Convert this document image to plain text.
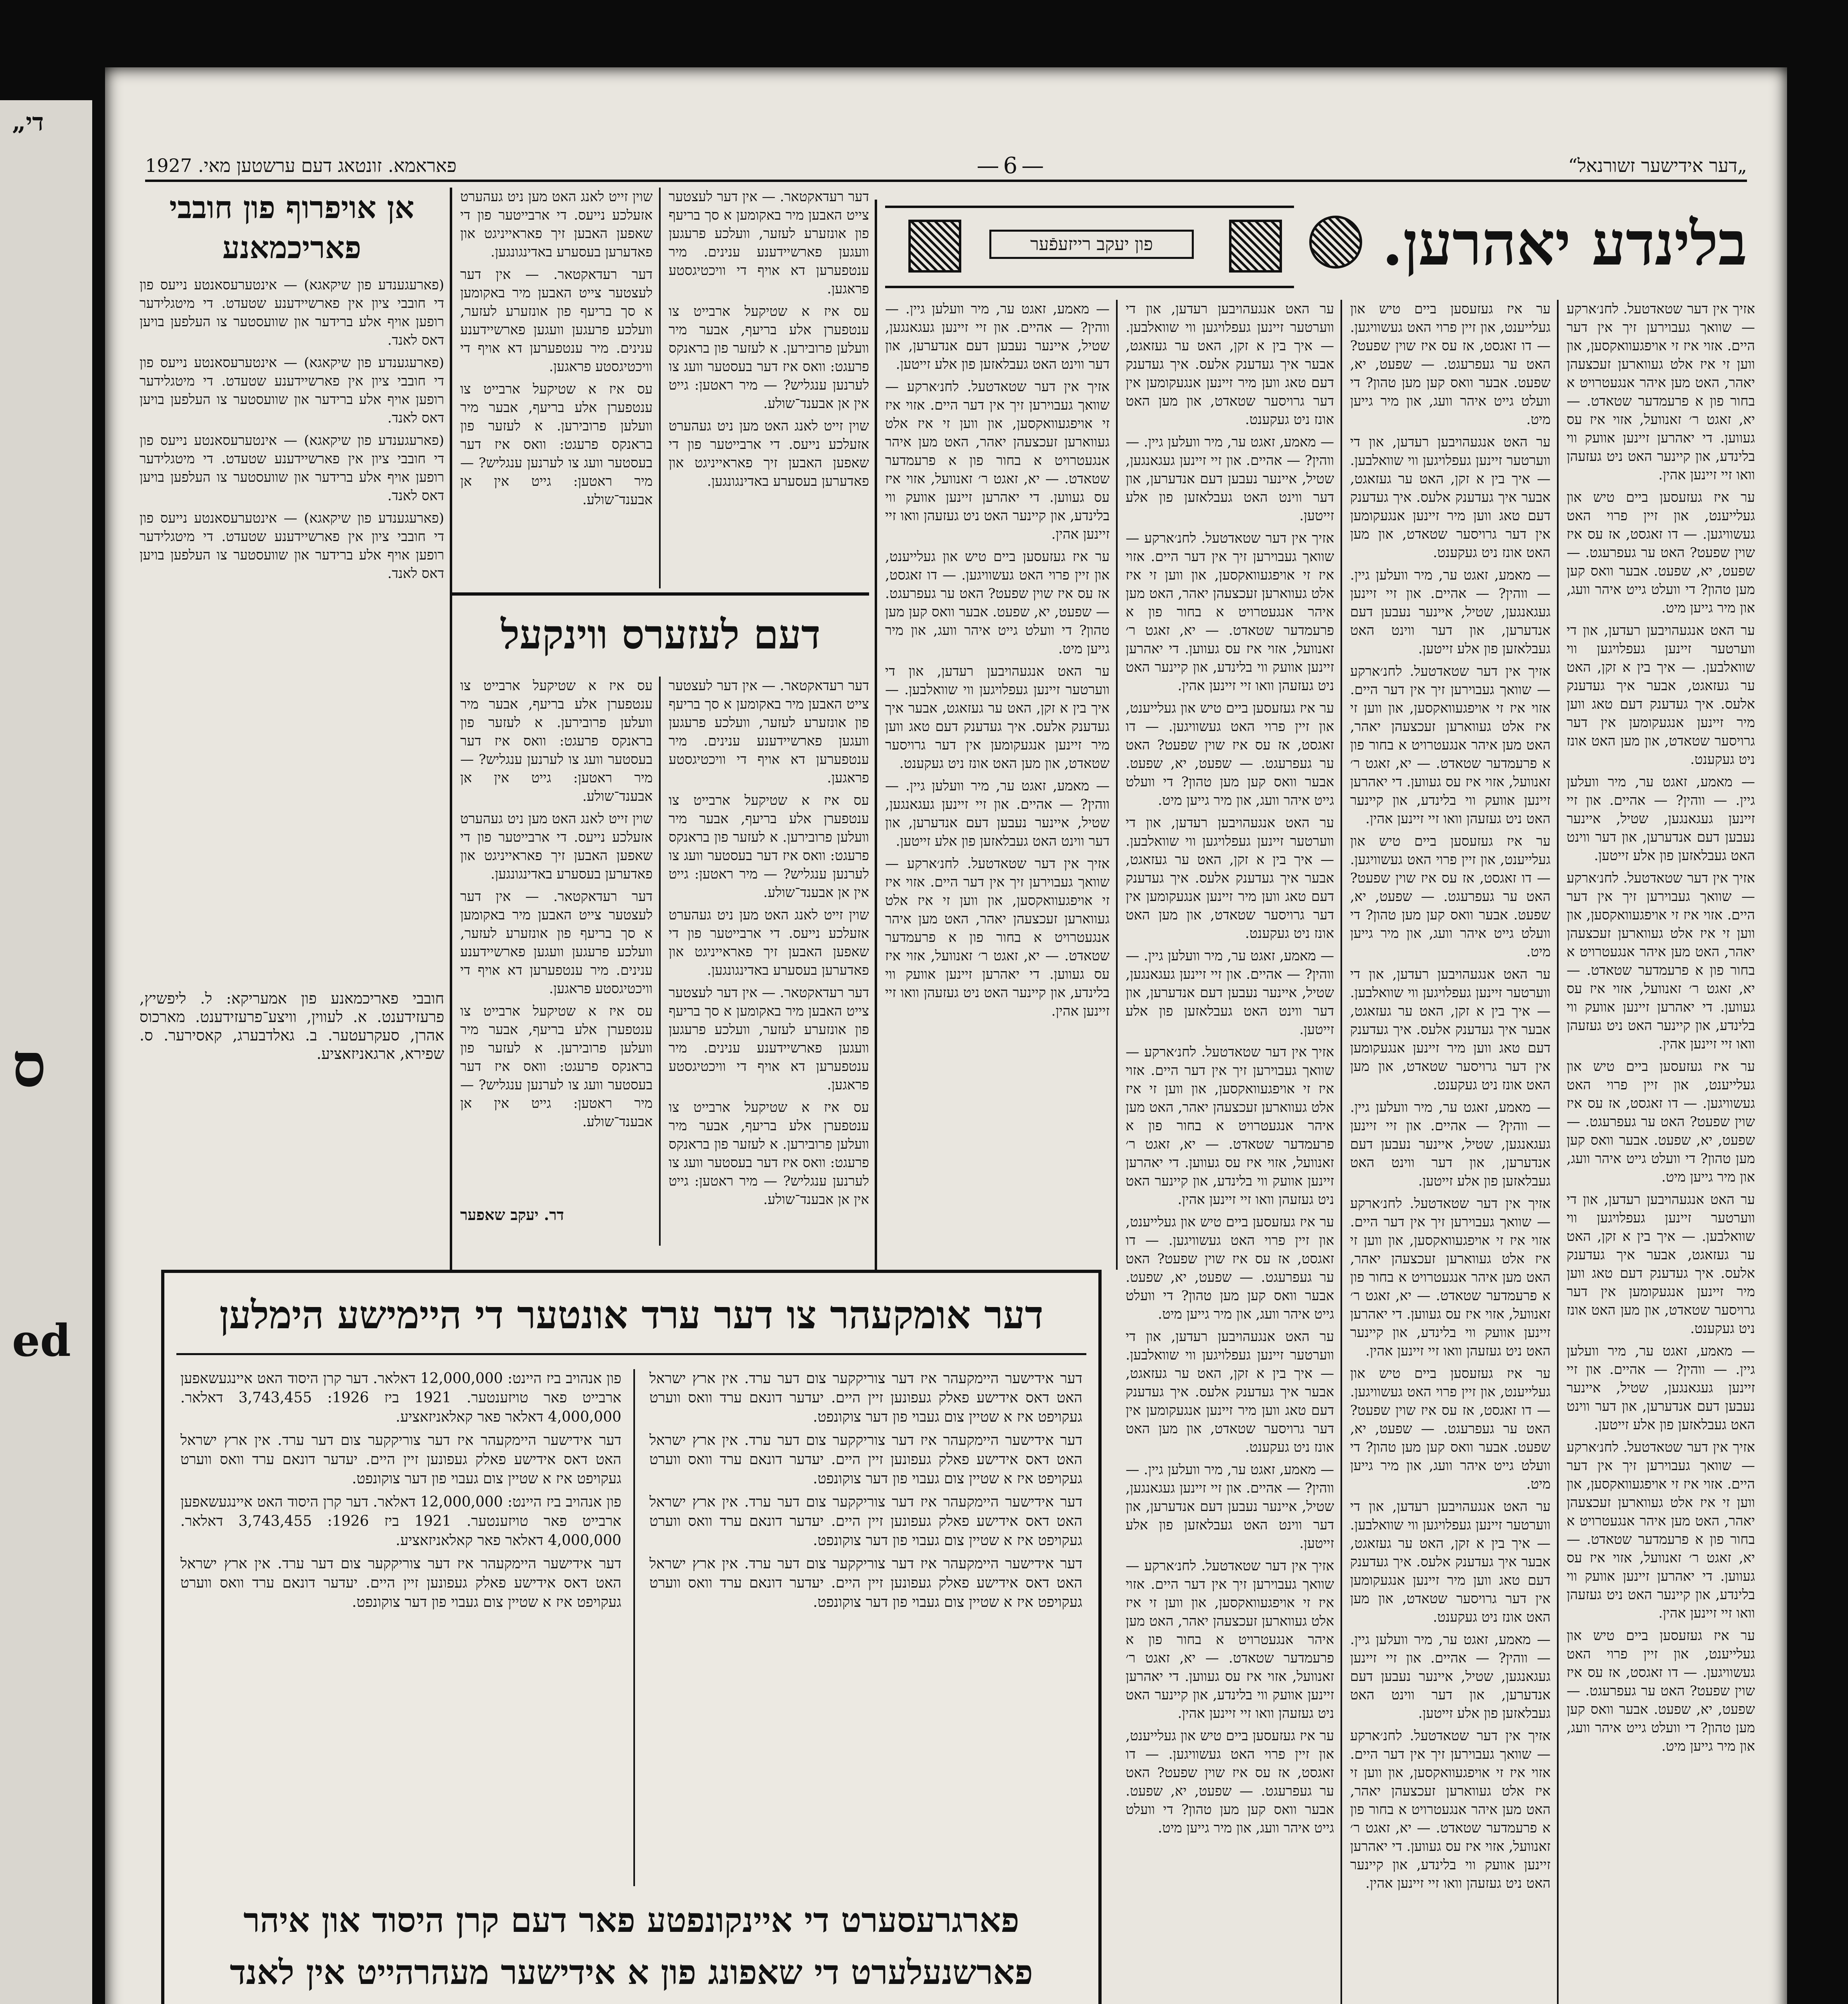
„די
ס
ed
„דער אידישער זשורנאל“
—6—
פאראמא. זונטאג דעם ערשטען מאי. 1927
בלינדע יאהרען.
פון יעקב רייזעפֿער

אזיך אין דער שטאדטעל. לחנ׳ארקע — שוואך געבוירען זיך אין דער היים. אזוי איז זי אויפגעוואקסען, און ווען זי איז אלט געווארען זעכצעהן יאהר, האט מען איהר אנגעטרויט א בחור פון א פרעמדער שטאדט. — יא, זאגט ר׳ זאנוועל, אזוי איז עס געווען. די יאהרען זיינען אוועק ווי בלינדע, און קיינער האט ניט געזעהן וואו זיי זיינען אהין.

ער איז געזעסען ביים טיש און געלייענט, און זיין פרוי האט געשוויגען. — דו זאגסט, אז עס איז שוין שפעט? האט ער געפרעגט. — שפעט, יא, שפעט. אבער וואס קען מען טהון? די וועלט גייט איהר וועג, און מיר גייען מיט.

ער האט אנגעהויבען רעדען, און די ווערטער זיינען געפלויגען ווי שוואלבען. — איך בין א זקן, האט ער געזאגט, אבער איך געדענק אלעס. איך געדענק דעם טאג ווען מיר זיינען אנגעקומען אין דער גרויסער שטאדט, און מען האט אונז ניט געקענט.

— מאמע, זאגט ער, מיר וועלען גיין. — ווהין? — אהיים. און זיי זיינען געגאנגען, שטיל, איינער נעבען דעם אנדערען, און דער ווינט האט געבלאזען פון אלע זייטען.

אזיך אין דער שטאדטעל. לחנ׳ארקע — שוואך געבוירען זיך אין דער היים. אזוי איז זי אויפגעוואקסען, און ווען זי איז אלט געווארען זעכצעהן יאהר, האט מען איהר אנגעטרויט א בחור פון א פרעמדער שטאדט. — יא, זאגט ר׳ זאנוועל, אזוי איז עס געווען. די יאהרען זיינען אוועק ווי בלינדע, און קיינער האט ניט געזעהן וואו זיי זיינען אהין.

ער איז געזעסען ביים טיש און געלייענט, און זיין פרוי האט געשוויגען. — דו זאגסט, אז עס איז שוין שפעט? האט ער געפרעגט. — שפעט, יא, שפעט. אבער וואס קען מען טהון? די וועלט גייט איהר וועג, און מיר גייען מיט.

ער האט אנגעהויבען רעדען, און די ווערטער זיינען געפלויגען ווי שוואלבען. — איך בין א זקן, האט ער געזאגט, אבער איך געדענק אלעס. איך געדענק דעם טאג ווען מיר זיינען אנגעקומען אין דער גרויסער שטאדט, און מען האט אונז ניט געקענט.

— מאמע, זאגט ער, מיר וועלען גיין. — ווהין? — אהיים. און זיי זיינען געגאנגען, שטיל, איינער נעבען דעם אנדערען, און דער ווינט האט געבלאזען פון אלע זייטען.

אזיך אין דער שטאדטעל. לחנ׳ארקע — שוואך געבוירען זיך אין דער היים. אזוי איז זי אויפגעוואקסען, און ווען זי איז אלט געווארען זעכצעהן יאהר, האט מען איהר אנגעטרויט א בחור פון א פרעמדער שטאדט. — יא, זאגט ר׳ זאנוועל, אזוי איז עס געווען. די יאהרען זיינען אוועק ווי בלינדע, און קיינער האט ניט געזעהן וואו זיי זיינען אהין.

ער איז געזעסען ביים טיש און געלייענט, און זיין פרוי האט געשוויגען. — דו זאגסט, אז עס איז שוין שפעט? האט ער געפרעגט. — שפעט, יא, שפעט. אבער וואס קען מען טהון? די וועלט גייט איהר וועג, און מיר גייען מיט.

ער איז געזעסען ביים טיש און געלייענט, און זיין פרוי האט געשוויגען. — דו זאגסט, אז עס איז שוין שפעט? האט ער געפרעגט. — שפעט, יא, שפעט. אבער וואס קען מען טהון? די וועלט גייט איהר וועג, און מיר גייען מיט.

ער האט אנגעהויבען רעדען, און די ווערטער זיינען געפלויגען ווי שוואלבען. — איך בין א זקן, האט ער געזאגט, אבער איך געדענק אלעס. איך געדענק דעם טאג ווען מיר זיינען אנגעקומען אין דער גרויסער שטאדט, און מען האט אונז ניט געקענט.

— מאמע, זאגט ער, מיר וועלען גיין. — ווהין? — אהיים. און זיי זיינען געגאנגען, שטיל, איינער נעבען דעם אנדערען, און דער ווינט האט געבלאזען פון אלע זייטען.

אזיך אין דער שטאדטעל. לחנ׳ארקע — שוואך געבוירען זיך אין דער היים. אזוי איז זי אויפגעוואקסען, און ווען זי איז אלט געווארען זעכצעהן יאהר, האט מען איהר אנגעטרויט א בחור פון א פרעמדער שטאדט. — יא, זאגט ר׳ זאנוועל, אזוי איז עס געווען. די יאהרען זיינען אוועק ווי בלינדע, און קיינער האט ניט געזעהן וואו זיי זיינען אהין.

ער איז געזעסען ביים טיש און געלייענט, און זיין פרוי האט געשוויגען. — דו זאגסט, אז עס איז שוין שפעט? האט ער געפרעגט. — שפעט, יא, שפעט. אבער וואס קען מען טהון? די וועלט גייט איהר וועג, און מיר גייען מיט.

ער האט אנגעהויבען רעדען, און די ווערטער זיינען געפלויגען ווי שוואלבען. — איך בין א זקן, האט ער געזאגט, אבער איך געדענק אלעס. איך געדענק דעם טאג ווען מיר זיינען אנגעקומען אין דער גרויסער שטאדט, און מען האט אונז ניט געקענט.

— מאמע, זאגט ער, מיר וועלען גיין. — ווהין? — אהיים. און זיי זיינען געגאנגען, שטיל, איינער נעבען דעם אנדערען, און דער ווינט האט געבלאזען פון אלע זייטען.

אזיך אין דער שטאדטעל. לחנ׳ארקע — שוואך געבוירען זיך אין דער היים. אזוי איז זי אויפגעוואקסען, און ווען זי איז אלט געווארען זעכצעהן יאהר, האט מען איהר אנגעטרויט א בחור פון א פרעמדער שטאדט. — יא, זאגט ר׳ זאנוועל, אזוי איז עס געווען. די יאהרען זיינען אוועק ווי בלינדע, און קיינער האט ניט געזעהן וואו זיי זיינען אהין.

ער איז געזעסען ביים טיש און געלייענט, און זיין פרוי האט געשוויגען. — דו זאגסט, אז עס איז שוין שפעט? האט ער געפרעגט. — שפעט, יא, שפעט. אבער וואס קען מען טהון? די וועלט גייט איהר וועג, און מיר גייען מיט.

ער האט אנגעהויבען רעדען, און די ווערטער זיינען געפלויגען ווי שוואלבען. — איך בין א זקן, האט ער געזאגט, אבער איך געדענק אלעס. איך געדענק דעם טאג ווען מיר זיינען אנגעקומען אין דער גרויסער שטאדט, און מען האט אונז ניט געקענט.

— מאמע, זאגט ער, מיר וועלען גיין. — ווהין? — אהיים. און זיי זיינען געגאנגען, שטיל, איינער נעבען דעם אנדערען, און דער ווינט האט געבלאזען פון אלע זייטען.

אזיך אין דער שטאדטעל. לחנ׳ארקע — שוואך געבוירען זיך אין דער היים. אזוי איז זי אויפגעוואקסען, און ווען זי איז אלט געווארען זעכצעהן יאהר, האט מען איהר אנגעטרויט א בחור פון א פרעמדער שטאדט. — יא, זאגט ר׳ זאנוועל, אזוי איז עס געווען. די יאהרען זיינען אוועק ווי בלינדע, און קיינער האט ניט געזעהן וואו זיי זיינען אהין.

ער האט אנגעהויבען רעדען, און די ווערטער זיינען געפלויגען ווי שוואלבען. — איך בין א זקן, האט ער געזאגט, אבער איך געדענק אלעס. איך געדענק דעם טאג ווען מיר זיינען אנגעקומען אין דער גרויסער שטאדט, און מען האט אונז ניט געקענט.

— מאמע, זאגט ער, מיר וועלען גיין. — ווהין? — אהיים. און זיי זיינען געגאנגען, שטיל, איינער נעבען דעם אנדערען, און דער ווינט האט געבלאזען פון אלע זייטען.

אזיך אין דער שטאדטעל. לחנ׳ארקע — שוואך געבוירען זיך אין דער היים. אזוי איז זי אויפגעוואקסען, און ווען זי איז אלט געווארען זעכצעהן יאהר, האט מען איהר אנגעטרויט א בחור פון א פרעמדער שטאדט. — יא, זאגט ר׳ זאנוועל, אזוי איז עס געווען. די יאהרען זיינען אוועק ווי בלינדע, און קיינער האט ניט געזעהן וואו זיי זיינען אהין.

ער איז געזעסען ביים טיש און געלייענט, און זיין פרוי האט געשוויגען. — דו זאגסט, אז עס איז שוין שפעט? האט ער געפרעגט. — שפעט, יא, שפעט. אבער וואס קען מען טהון? די וועלט גייט איהר וועג, און מיר גייען מיט.

ער האט אנגעהויבען רעדען, און די ווערטער זיינען געפלויגען ווי שוואלבען. — איך בין א זקן, האט ער געזאגט, אבער איך געדענק אלעס. איך געדענק דעם טאג ווען מיר זיינען אנגעקומען אין דער גרויסער שטאדט, און מען האט אונז ניט געקענט.

— מאמע, זאגט ער, מיר וועלען גיין. — ווהין? — אהיים. און זיי זיינען געגאנגען, שטיל, איינער נעבען דעם אנדערען, און דער ווינט האט געבלאזען פון אלע זייטען.

אזיך אין דער שטאדטעל. לחנ׳ארקע — שוואך געבוירען זיך אין דער היים. אזוי איז זי אויפגעוואקסען, און ווען זי איז אלט געווארען זעכצעהן יאהר, האט מען איהר אנגעטרויט א בחור פון א פרעמדער שטאדט. — יא, זאגט ר׳ זאנוועל, אזוי איז עס געווען. די יאהרען זיינען אוועק ווי בלינדע, און קיינער האט ניט געזעהן וואו זיי זיינען אהין.

ער איז געזעסען ביים טיש און געלייענט, און זיין פרוי האט געשוויגען. — דו זאגסט, אז עס איז שוין שפעט? האט ער געפרעגט. — שפעט, יא, שפעט. אבער וואס קען מען טהון? די וועלט גייט איהר וועג, און מיר גייען מיט.

ער האט אנגעהויבען רעדען, און די ווערטער זיינען געפלויגען ווי שוואלבען. — איך בין א זקן, האט ער געזאגט, אבער איך געדענק אלעס. איך געדענק דעם טאג ווען מיר זיינען אנגעקומען אין דער גרויסער שטאדט, און מען האט אונז ניט געקענט.

— מאמע, זאגט ער, מיר וועלען גיין. — ווהין? — אהיים. און זיי זיינען געגאנגען, שטיל, איינער נעבען דעם אנדערען, און דער ווינט האט געבלאזען פון אלע זייטען.

אזיך אין דער שטאדטעל. לחנ׳ארקע — שוואך געבוירען זיך אין דער היים. אזוי איז זי אויפגעוואקסען, און ווען זי איז אלט געווארען זעכצעהן יאהר, האט מען איהר אנגעטרויט א בחור פון א פרעמדער שטאדט. — יא, זאגט ר׳ זאנוועל, אזוי איז עס געווען. די יאהרען זיינען אוועק ווי בלינדע, און קיינער האט ניט געזעהן וואו זיי זיינען אהין.

ער איז געזעסען ביים טיש און געלייענט, און זיין פרוי האט געשוויגען. — דו זאגסט, אז עס איז שוין שפעט? האט ער געפרעגט. — שפעט, יא, שפעט. אבער וואס קען מען טהון? די וועלט גייט איהר וועג, און מיר גייען מיט.

— מאמע, זאגט ער, מיר וועלען גיין. — ווהין? — אהיים. און זיי זיינען געגאנגען, שטיל, איינער נעבען דעם אנדערען, און דער ווינט האט געבלאזען פון אלע זייטען.

אזיך אין דער שטאדטעל. לחנ׳ארקע — שוואך געבוירען זיך אין דער היים. אזוי איז זי אויפגעוואקסען, און ווען זי איז אלט געווארען זעכצעהן יאהר, האט מען איהר אנגעטרויט א בחור פון א פרעמדער שטאדט. — יא, זאגט ר׳ זאנוועל, אזוי איז עס געווען. די יאהרען זיינען אוועק ווי בלינדע, און קיינער האט ניט געזעהן וואו זיי זיינען אהין.

ער איז געזעסען ביים טיש און געלייענט, און זיין פרוי האט געשוויגען. — דו זאגסט, אז עס איז שוין שפעט? האט ער געפרעגט. — שפעט, יא, שפעט. אבער וואס קען מען טהון? די וועלט גייט איהר וועג, און מיר גייען מיט.

ער האט אנגעהויבען רעדען, און די ווערטער זיינען געפלויגען ווי שוואלבען. — איך בין א זקן, האט ער געזאגט, אבער איך געדענק אלעס. איך געדענק דעם טאג ווען מיר זיינען אנגעקומען אין דער גרויסער שטאדט, און מען האט אונז ניט געקענט.

— מאמע, זאגט ער, מיר וועלען גיין. — ווהין? — אהיים. און זיי זיינען געגאנגען, שטיל, איינער נעבען דעם אנדערען, און דער ווינט האט געבלאזען פון אלע זייטען.

אזיך אין דער שטאדטעל. לחנ׳ארקע — שוואך געבוירען זיך אין דער היים. אזוי איז זי אויפגעוואקסען, און ווען זי איז אלט געווארען זעכצעהן יאהר, האט מען איהר אנגעטרויט א בחור פון א פרעמדער שטאדט. — יא, זאגט ר׳ זאנוועל, אזוי איז עס געווען. די יאהרען זיינען אוועק ווי בלינדע, און קיינער האט ניט געזעהן וואו זיי זיינען אהין.

דער רעדאקטאר. — אין דער לעצטער צייט האבען מיר באקומען א סך בריעף פון אונזערע לעזער, וועלכע פרעגען וועגען פארשיידענע ענינים. מיר ענטפערען דא אויף די וויכטיגסטע פראגען.

עס איז א שטיקעל ארבייט צו ענטפערן אלע בריעף, אבער מיר וועלען פרובירען. א לעזער פון בראנקס פרעגט: וואס איז דער בעסטער וועג צו לערנען ענגליש? — מיר ראטען: גייט אין אן אבענד־שולע.

שוין זייט לאנג האט מען ניט געהערט אזעלכע נייעס. די ארבייטער פון די שאפען האבען זיך פאראייניגט און פאדערען בעסערע באדינגונגען.

שוין זייט לאנג האט מען ניט געהערט אזעלכע נייעס. די ארבייטער פון די שאפען האבען זיך פאראייניגט און פאדערען בעסערע באדינגונגען.

דער רעדאקטאר. — אין דער לעצטער צייט האבען מיר באקומען א סך בריעף פון אונזערע לעזער, וועלכע פרעגען וועגען פארשיידענע ענינים. מיר ענטפערען דא אויף די וויכטיגסטע פראגען.

עס איז א שטיקעל ארבייט צו ענטפערן אלע בריעף, אבער מיר וועלען פרובירען. א לעזער פון בראנקס פרעגט: וואס איז דער בעסטער וועג צו לערנען ענגליש? — מיר ראטען: גייט אין אן אבענד־שולע.

דעם לעזערס ווינקעל

דער רעדאקטאר. — אין דער לעצטער צייט האבען מיר באקומען א סך בריעף פון אונזערע לעזער, וועלכע פרעגען וועגען פארשיידענע ענינים. מיר ענטפערען דא אויף די וויכטיגסטע פראגען.

עס איז א שטיקעל ארבייט צו ענטפערן אלע בריעף, אבער מיר וועלען פרובירען. א לעזער פון בראנקס פרעגט: וואס איז דער בעסטער וועג צו לערנען ענגליש? — מיר ראטען: גייט אין אן אבענד־שולע.

שוין זייט לאנג האט מען ניט געהערט אזעלכע נייעס. די ארבייטער פון די שאפען האבען זיך פאראייניגט און פאדערען בעסערע באדינגונגען.

דער רעדאקטאר. — אין דער לעצטער צייט האבען מיר באקומען א סך בריעף פון אונזערע לעזער, וועלכע פרעגען וועגען פארשיידענע ענינים. מיר ענטפערען דא אויף די וויכטיגסטע פראגען.

עס איז א שטיקעל ארבייט צו ענטפערן אלע בריעף, אבער מיר וועלען פרובירען. א לעזער פון בראנקס פרעגט: וואס איז דער בעסטער וועג צו לערנען ענגליש? — מיר ראטען: גייט אין אן אבענד־שולע.

עס איז א שטיקעל ארבייט צו ענטפערן אלע בריעף, אבער מיר וועלען פרובירען. א לעזער פון בראנקס פרעגט: וואס איז דער בעסטער וועג צו לערנען ענגליש? — מיר ראטען: גייט אין אן אבענד־שולע.

שוין זייט לאנג האט מען ניט געהערט אזעלכע נייעס. די ארבייטער פון די שאפען האבען זיך פאראייניגט און פאדערען בעסערע באדינגונגען.

דער רעדאקטאר. — אין דער לעצטער צייט האבען מיר באקומען א סך בריעף פון אונזערע לעזער, וועלכע פרעגען וועגען פארשיידענע ענינים. מיר ענטפערען דא אויף די וויכטיגסטע פראגען.

עס איז א שטיקעל ארבייט צו ענטפערן אלע בריעף, אבער מיר וועלען פרובירען. א לעזער פון בראנקס פרעגט: וואס איז דער בעסטער וועג צו לערנען ענגליש? — מיר ראטען: גייט אין אן אבענד־שולע.

דר. יעקב שאפער
אן אויפרוף פון חובבי פאריכמאנע

(פארעגענדע פון שיקאגא) — אינטערעסאנטע נייעס פון די חובבי ציון אין פארשיידענע שטעדט. די מיטגלידער רופען אויף אלע ברידער און שוועסטער צו העלפען בויען דאס לאנד.

(פארעגענדע פון שיקאגא) — אינטערעסאנטע נייעס פון די חובבי ציון אין פארשיידענע שטעדט. די מיטגלידער רופען אויף אלע ברידער און שוועסטער צו העלפען בויען דאס לאנד.

(פארעגענדע פון שיקאגא) — אינטערעסאנטע נייעס פון די חובבי ציון אין פארשיידענע שטעדט. די מיטגלידער רופען אויף אלע ברידער און שוועסטער צו העלפען בויען דאס לאנד.

(פארעגענדע פון שיקאגא) — אינטערעסאנטע נייעס פון די חובבי ציון אין פארשיידענע שטעדט. די מיטגלידער רופען אויף אלע ברידער און שוועסטער צו העלפען בויען דאס לאנד.

חובבי פאריכמאנע פון אמעריקא: ל. ליפשיץ, פרעזידענט. א. לעווין, וויצע־פרעזידענט. מארכוס אהרן, סעקרעטער. ב. גאלדבערג, קאסירער. ס. שפירא, ארגאניזאציע.

דער אומקעהר צו דער ערד אונטער די היימישע הימלען

דער אידישער היימקעהר איז דער צוריקקער צום דער ערד. אין ארץ ישראל האט דאס אידישע פאלק געפונען זיין היים. יעדער דונאם ערד וואס ווערט געקויפט איז א שטיין צום געבוי פון דער צוקונפט.

דער אידישער היימקעהר איז דער צוריקקער צום דער ערד. אין ארץ ישראל האט דאס אידישע פאלק געפונען זיין היים. יעדער דונאם ערד וואס ווערט געקויפט איז א שטיין צום געבוי פון דער צוקונפט.

דער אידישער היימקעהר איז דער צוריקקער צום דער ערד. אין ארץ ישראל האט דאס אידישע פאלק געפונען זיין היים. יעדער דונאם ערד וואס ווערט געקויפט איז א שטיין צום געבוי פון דער צוקונפט.

דער אידישער היימקעהר איז דער צוריקקער צום דער ערד. אין ארץ ישראל האט דאס אידישע פאלק געפונען זיין היים. יעדער דונאם ערד וואס ווערט געקויפט איז א שטיין צום געבוי פון דער צוקונפט.

פון אנהויב ביז היינט: 12,000,000 דאלאר. דער קרן היסוד האט איינגעשאפען ארבייט פאר טויזענטער. 1921 ביז 1926: 3,743,455 דאלאר. 4,000,000 דאלאר פאר קאלאניזאציע.

דער אידישער היימקעהר איז דער צוריקקער צום דער ערד. אין ארץ ישראל האט דאס אידישע פאלק געפונען זיין היים. יעדער דונאם ערד וואס ווערט געקויפט איז א שטיין צום געבוי פון דער צוקונפט.

פון אנהויב ביז היינט: 12,000,000 דאלאר. דער קרן היסוד האט איינגעשאפען ארבייט פאר טויזענטער. 1921 ביז 1926: 3,743,455 דאלאר. 4,000,000 דאלאר פאר קאלאניזאציע.

דער אידישער היימקעהר איז דער צוריקקער צום דער ערד. אין ארץ ישראל האט דאס אידישע פאלק געפונען זיין היים. יעדער דונאם ערד וואס ווערט געקויפט איז א שטיין צום געבוי פון דער צוקונפט.

פארגרעסערט די איינקונפטע פאר דעם קרן היסוד און איהר
פארשנעלערט די שאפונג פון א אידישער מעהרהייט אין לאנד
